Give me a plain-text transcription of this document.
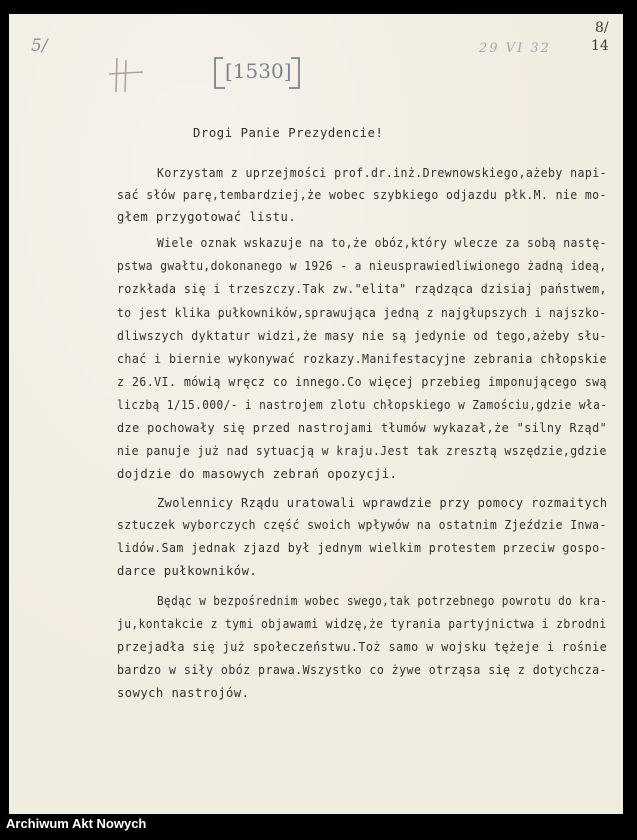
5/
[1530]
29 VI 32
8/
14
Drogi Panie Prezydencie!
Korzystam z uprzejmości prof.dr.inż.Drewnowskiego,ażeby napi-
sać słów parę,tembardziej,że wobec szybkiego odjazdu płk.M. nie mo-
głem przygotować listu.
Wiele oznak wskazuje na to,że obóz,który wlecze za sobą nastę-
pstwa gwałtu,dokonanego w 1926 - a nieusprawiedliwionego żadną ideą,
rozkłada się i trzeszczy.Tak zw."elita" rządząca dzisiaj państwem,
to jest klika pułkowników,sprawująca jedną z najgłupszych i najszko-
dliwszych dyktatur widzi,że masy nie są jedynie od tego,ażeby słu-
chać i biernie wykonywać rozkazy.Manifestacyjne zebrania chłopskie
z 26.VI. mówią wręcz co innego.Co więcej przebieg imponującego swą
liczbą 1/15.000/- i nastrojem zlotu chłopskiego w Zamościu,gdzie wła-
dze pochowały się przed nastrojami tłumów wykazał,że "silny Rząd"
nie panuje już nad sytuacją w kraju.Jest tak zresztą wszędzie,gdzie
dojdzie do masowych zebrań opozycji.
Zwolennicy Rządu uratowali wprawdzie przy pomocy rozmaitych
sztuczek wyborczych część swoich wpływów na ostatnim Zjeździe Inwa-
lidów.Sam jednak zjazd był jednym wielkim protestem przeciw gospo-
darce pułkowników.
Będąc w bezpośrednim wobec swego,tak potrzebnego powrotu do kra-
ju,kontakcie z tymi objawami widzę,że tyrania partyjnictwa i zbrodni
przejadła się już społeczeństwu.Toż samo w wojsku tężeje i rośnie
bardzo w siły obóz prawa.Wszystko co żywe otrząsa się z dotychcza-
sowych nastrojów.
Archiwum Akt Nowych
